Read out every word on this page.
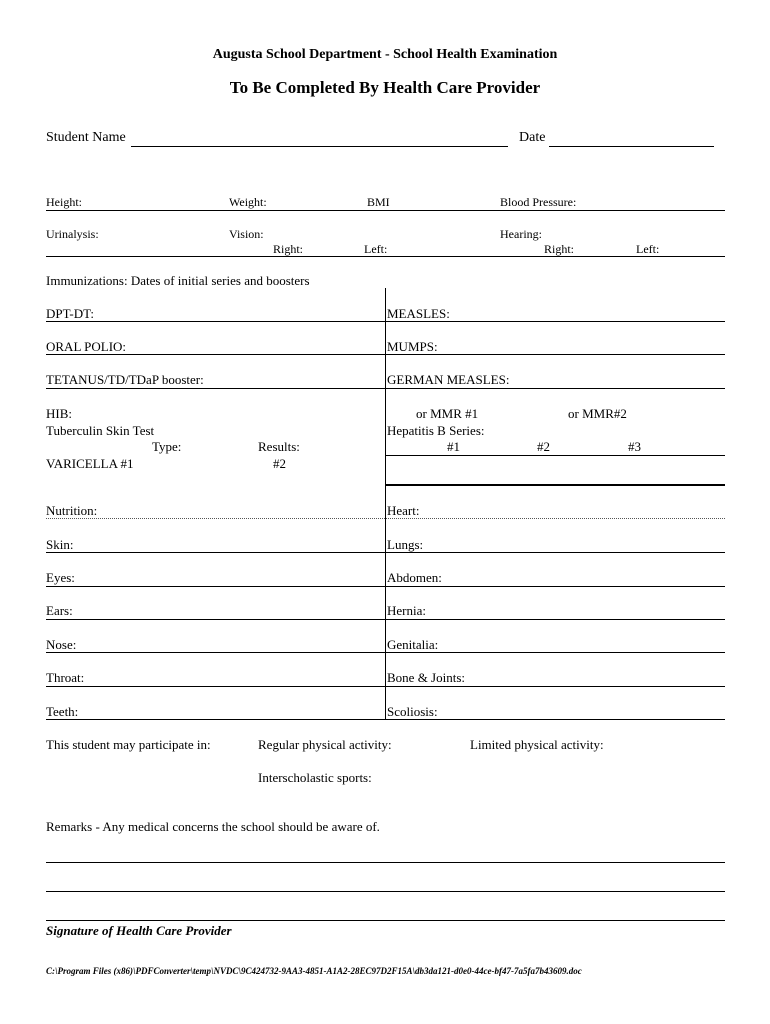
Augusta School Department - School Health Examination
To Be Completed By Health Care Provider
Student Name	Date
Height:	Weight:	BMI	Blood Pressure:
Urinalysis:	Vision:	Hearing:
Right:	Left:	Right:	Left:
Immunizations: Dates of initial series and boosters
DPT-DT:	MEASLES:
ORAL POLIO:	MUMPS:
TETANUS/TD/TDaP booster:	GERMAN MEASLES:
HIB:	or MMR #1	or MMR#2
Tuberculin Skin Test	Hepatitis B Series:
Type:	Results:	#1	#2	#3
VARICELLA #1	#2
Nutrition:	Heart:
Skin:	Lungs:
Eyes:	Abdomen:
Ears:	Hernia:
Nose:	Genitalia:
Throat:	Bone & Joints:
Teeth:	Scoliosis:
This student may participate in:	Regular physical activity:	Limited physical activity:
Interscholastic sports:
Remarks - Any medical concerns the school should be aware of.
Signature of Health Care Provider
C:\Program Files (x86)\PDFConverter\temp\NVDC\9C424732-9AA3-4851-A1A2-28EC97D2F15A\db3da121-d0e0-44ce-bf47-7a5fa7b43609.doc
